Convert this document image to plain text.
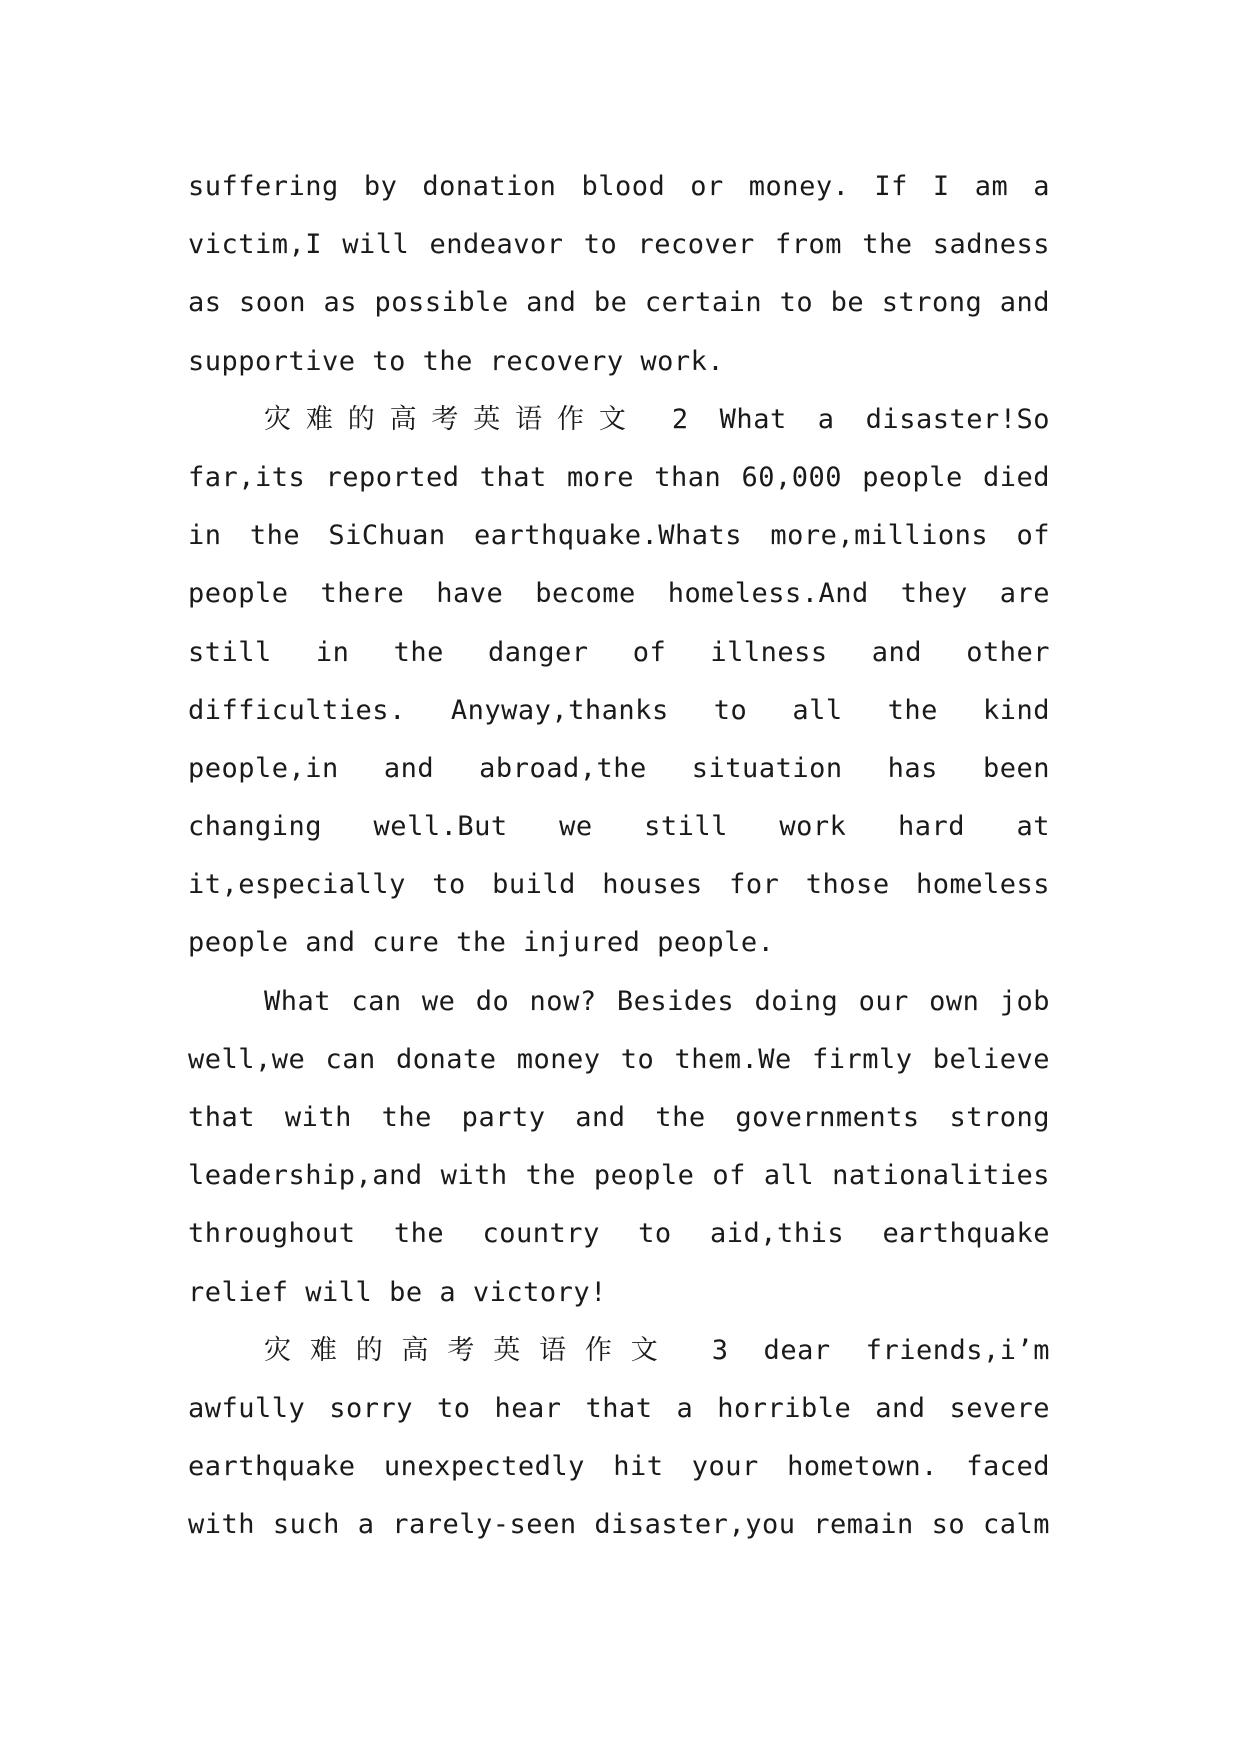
suffering by donation blood or money. If I am a
victim,I will endeavor to recover from the sadness
as soon as possible and be certain to be strong and
supportive to the recovery work.
灾难的高考英语作文 2 What a disaster!So
far,its reported that more than 60,000 people died
in the SiChuan earthquake.Whats more,millions of
people there have become homeless.And they are
still in the danger of illness and other
difficulties. Anyway,thanks to all the kind
people,in and abroad,the situation has been
changing well.But we still work hard at
it,especially to build houses for those homeless
people and cure the injured people.
What can we do now? Besides doing our own job
well,we can donate money to them.We firmly believe
that with the party and the governments strong
leadership,and with the people of all nationalities
throughout the country to aid,this earthquake
relief will be a victory!
灾难的高考英语作文 3 dear friends,i’m
awfully sorry to hear that a horrible and severe
earthquake unexpectedly hit your hometown. faced
with such a rarely-seen disaster,you remain so calm
